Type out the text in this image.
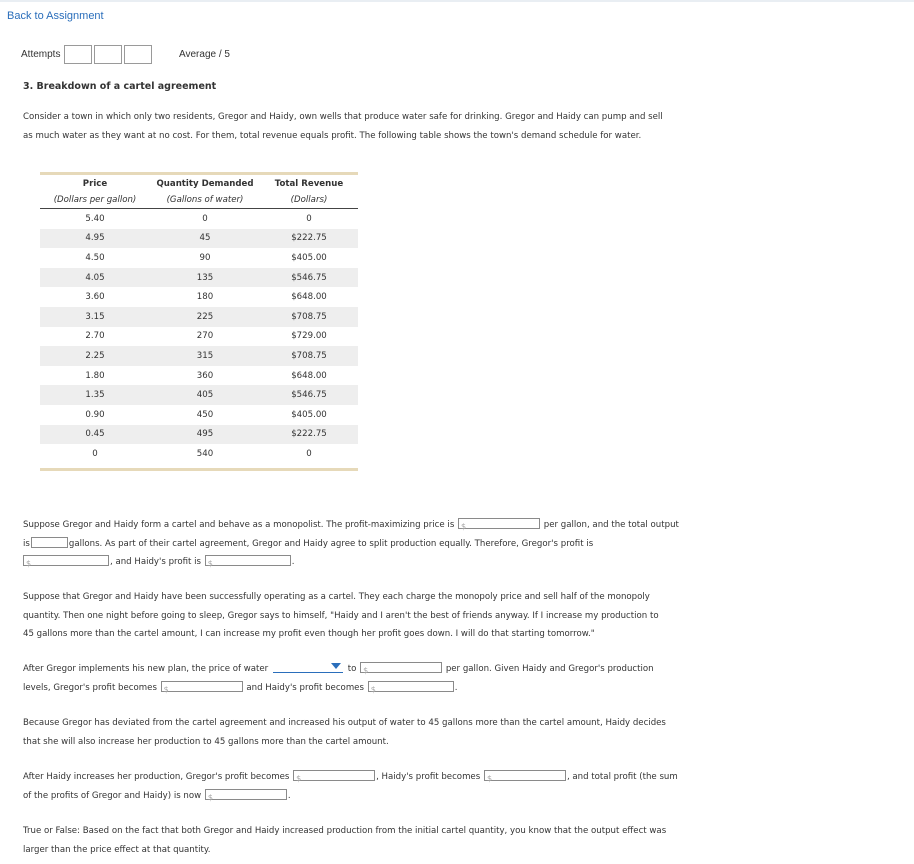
Back to Assignment
Attempts	Average / 5
3. Breakdown of a cartel agreement
Consider a town in which only two residents, Gregor and Haidy, own wells that produce water safe for drinking. Gregor and Haidy can pump and sell
as much water as they want at no cost. For them, total revenue equals profit. The following table shows the town's demand schedule for water.
Price	Quantity Demanded	Total Revenue
(Dollars per gallon)	(Gallons of water)	(Dollars)
5.40	0	0
4.95	45	$222.75
4.50	90	$405.00
4.05	135	$546.75
3.60	180	$648.00
3.15	225	$708.75
2.70	270	$729.00
2.25	315	$708.75
1.80	360	$648.00
1.35	405	$546.75
0.90	450	$405.00
0.45	495	$222.75
0	540	0
Suppose Gregor and Haidy form a cartel and behave as a monopolist. The profit-maximizing price is $	per gallon, and the total output
is	gallons. As part of their cartel agreement, Gregor and Haidy agree to split production equally. Therefore, Gregor's profit is
$	, and Haidy's profit is $	.
Suppose that Gregor and Haidy have been successfully operating as a cartel. They each charge the monopoly price and sell half of the monopoly
quantity. Then one night before going to sleep, Gregor says to himself, "Haidy and I aren't the best of friends anyway. If I increase my production to
45 gallons more than the cartel amount, I can increase my profit even though her profit goes down. I will do that starting tomorrow."
After Gregor implements his new plan, the price of water	to $	per gallon. Given Haidy and Gregor's production
levels, Gregor's profit becomes $	and Haidy's profit becomes $	.
Because Gregor has deviated from the cartel agreement and increased his output of water to 45 gallons more than the cartel amount, Haidy decides
that she will also increase her production to 45 gallons more than the cartel amount.
After Haidy increases her production, Gregor's profit becomes $	, Haidy's profit becomes $	, and total profit (the sum
of the profits of Gregor and Haidy) is now $	.
True or False: Based on the fact that both Gregor and Haidy increased production from the initial cartel quantity, you know that the output effect was
larger than the price effect at that quantity.
